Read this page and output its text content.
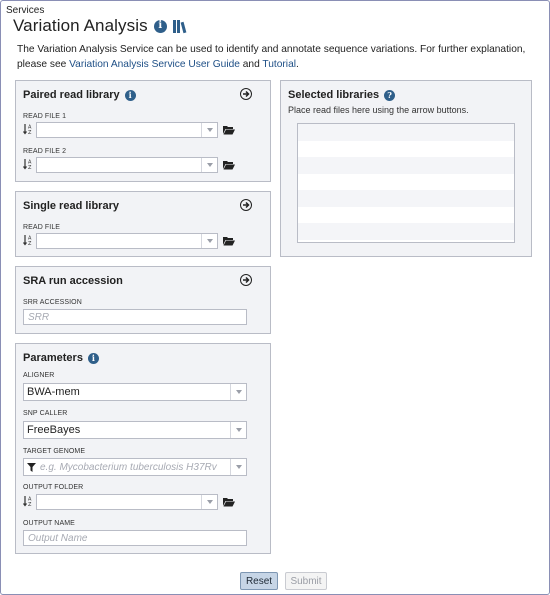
Services
Variation Analysis	i
The Variation Analysis Service can be used to identify and annotate sequence variations. For further explanation, please see Variation Analysis Service User Guide and Tutorial.
Paired read library	i
READ FILE 1
A
Z
READ FILE 2
A
Z
Single read library
READ FILE
A
Z
SRA run accession
SRR ACCESSION
SRR
Parameters	i
ALIGNER
BWA-mem
SNP CALLER
FreeBayes
TARGET GENOME
e.g. Mycobacterium tuberculosis H37Rv
OUTPUT FOLDER
A
Z
OUTPUT NAME
Output Name
Selected libraries	?
Place read files here using the arrow buttons.
Reset	Submit
